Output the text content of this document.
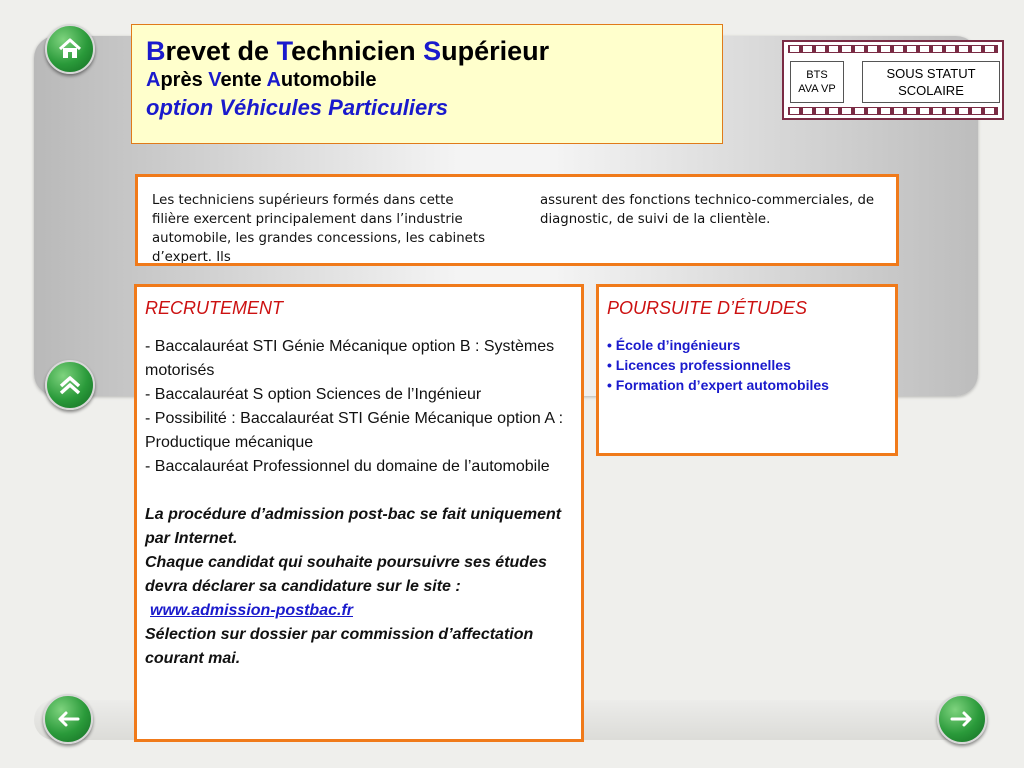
Brevet de Technicien Supérieur
Après Vente Automobile
option Véhicules Particuliers
BTS
AVA VP
SOUS STATUT
SCOLAIRE
Les techniciens supérieurs formés dans cette filière exercent principalement dans l’industrie automobile, les grandes concessions, les cabinets d’expert. Ils
assurent des fonctions technico-commerciales, de diagnostic, de suivi de la clientèle.
RECRUTEMENT
- Baccalauréat STI Génie Mécanique option B : Systèmes motorisés
- Baccalauréat S option Sciences de l’Ingénieur
- Possibilité : Baccalauréat STI Génie Mécanique option A : Productique mécanique
- Baccalauréat Professionnel du domaine de l’automobile
La procédure d’admission post-bac se fait uniquement par Internet.
Chaque candidat qui souhaite poursuivre ses études devra déclarer sa candidature sur le site :
www.admission-postbac.fr
Sélection sur dossier par commission d’affectation courant mai.
POURSUITE D’ÉTUDES
• École d’ingénieurs
• Licences professionnelles
• Formation d’expert automobiles
